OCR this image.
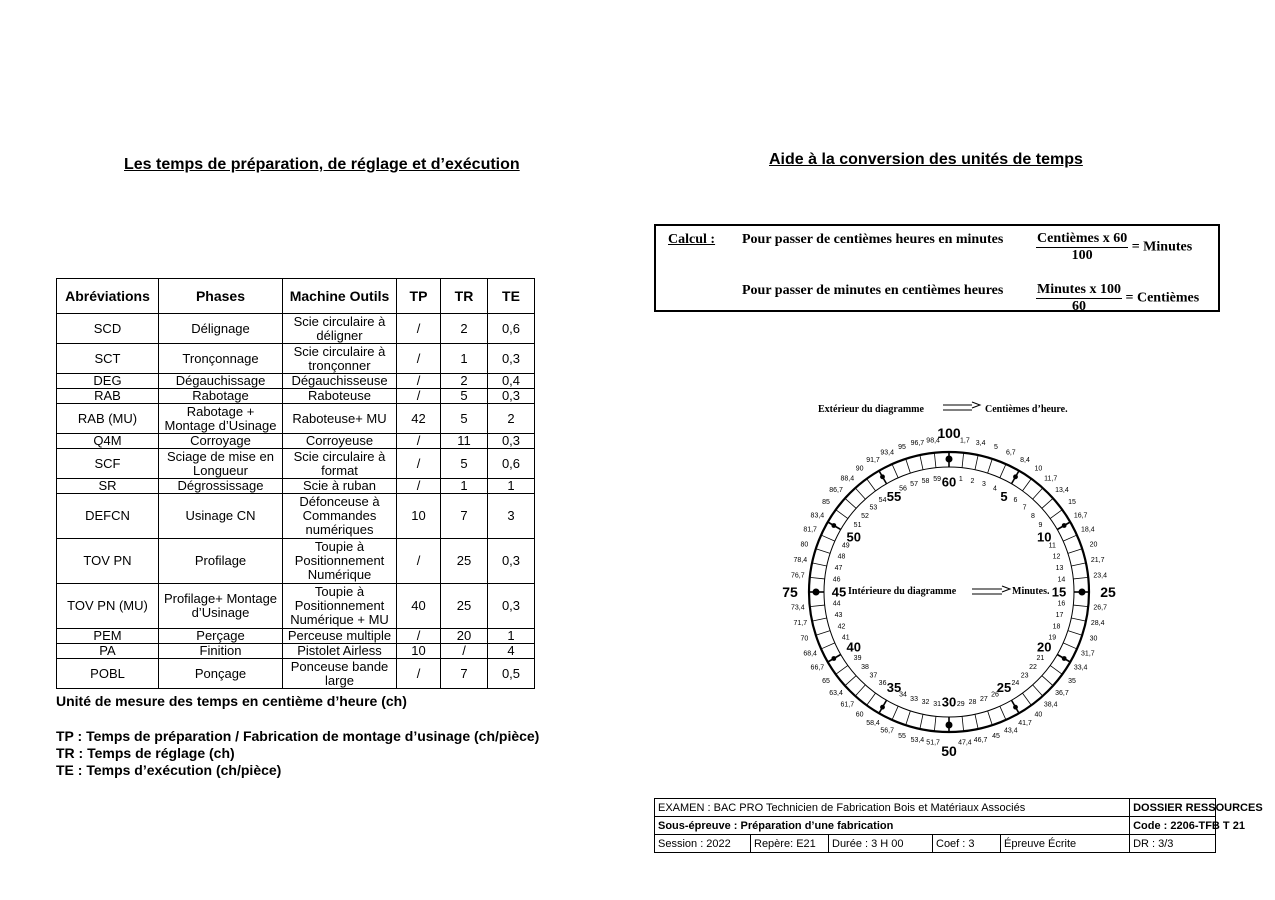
Les temps de préparation, de réglage et d’exécution
Abréviations	Phases	Machine Outils	TP	TR	TE
SCD	Délignage	Scie circulaire à déligner	/	2	0,6
SCT	Tronçonnage	Scie circulaire à tronçonner	/	1	0,3
DEG	Dégauchissage	Dégauchisseuse	/	2	0,4
RAB	Rabotage	Raboteuse	/	5	0,3
RAB (MU)	Rabotage + Montage d’Usinage	Raboteuse+ MU	42	5	2
Q4M	Corroyage	Corroyeuse	/	11	0,3
SCF	Sciage de mise en Longueur	Scie circulaire à format	/	5	0,6
SR	Dégrossissage	Scie à ruban	/	1	1
DEFCN	Usinage CN	Défonceuse à Commandes numériques	10	7	3
TOV PN	Profilage	Toupie à Positionnement Numérique	/	25	0,3
TOV PN (MU)	Profilage+ Montage d’Usinage	Toupie à Positionnement Numérique + MU	40	25	0,3
PEM	Perçage	Perceuse multiple	/	20	1
PA	Finition	Pistolet Airless	10	/	4
POBL	Ponçage	Ponceuse bande large	/	7	0,5
Unité de mesure des temps en centième d’heure (ch)
TP : Temps de préparation / Fabrication de montage d’usinage (ch/pièce)
TR : Temps de réglage (ch)
TE : Temps d’exécution (ch/pièce)
Aide à la conversion des unités de temps
Calcul : Pour passer de centièmes heures en minutes $\frac{\text{Centièmes x 60}}{100}$ = Minutes
Pour passer de minutes en centièmes heures $\frac{\text{Minutes x 100}}{60}$ = Centièmes
Extérieur du diagramme	Centièmes d’heure.
Intérieure du diagramme	Minutes.
100 1,7 3,4
5
6,7
8,4
10
11,7
13,4
15
16,7
18,4
20
21,7
23,4
25
26,7
28,4
30
31,7
33,4
35
36,7
38,4
40
41,7
43,4
45
46,7
47,4
50
51,7
53,4
55
56,7
58,4
60
61,7
63,4
65
66,7
68,4
70
71,7
73,4
75
76,7
78,4
80
81,7
83,4
85
86,7
88,4
90
91,7
93,4
95
96,7 98,4
60 1 2 3
4
5 6
7
8
9
10
11
12
13
14
15
16
17
18
19
20
21
22
23
24
25
26
27
28
29
30
31
32
33
34
35
36
37
38
39
40
41
42
43
44
45
46
47
48
49
50
51
52
53
54 55
56
57 58 59
EXAMEN : BAC PRO Technicien de Fabrication Bois et Matériaux Associés					DOSSIER RESSOURCES
Sous-épreuve : Préparation d’une fabrication					Code : 2206-TFB T 21
Session : 2022	Repère: E21	Durée : 3 H 00	Coef : 3	Épreuve Écrite	DR : 3/3
